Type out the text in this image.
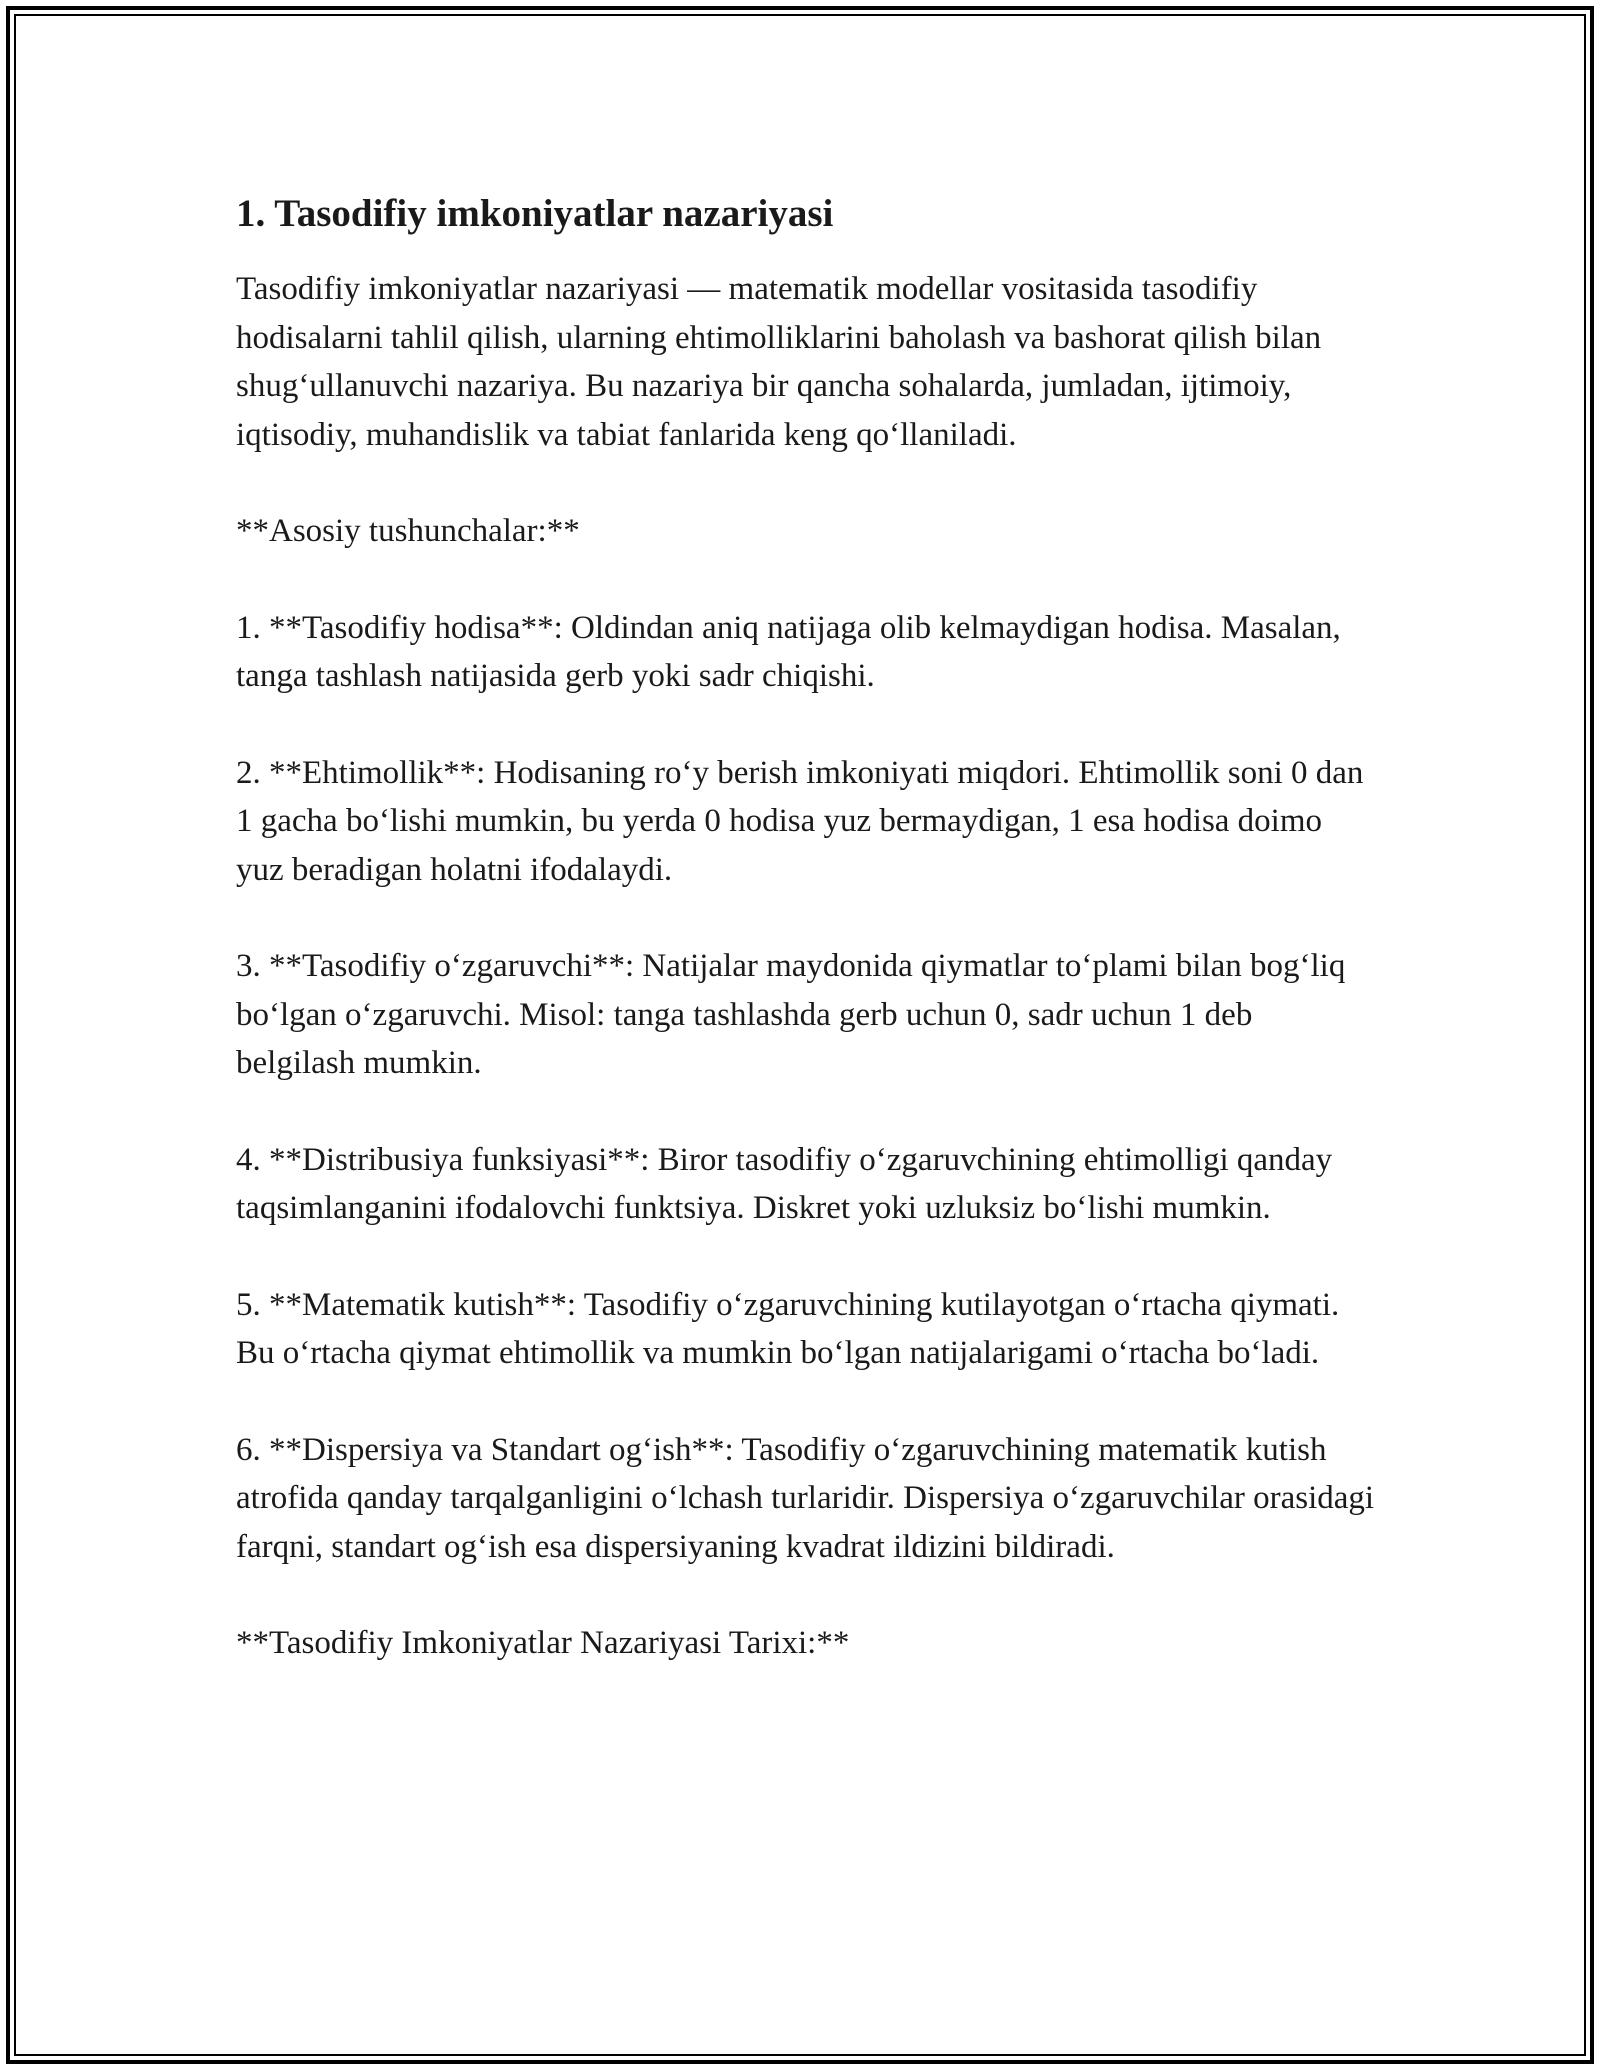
1. Tasodifiy imkoniyatlar nazariyasi

Tasodifiy imkoniyatlar nazariyasi — matematik modellar vositasida tasodifiy hodisalarni tahlil qilish, ularning ehtimolliklarini baholash va bashorat qilish bilan shug‘ullanuvchi nazariya. Bu nazariya bir qancha sohalarda, jumladan, ijtimoiy, iqtisodiy, muhandislik va tabiat fanlarida keng qo‘llaniladi.

**Asosiy tushunchalar:**

1. **Tasodifiy hodisa**: Oldindan aniq natijaga olib kelmaydigan hodisa. Masalan, tanga tashlash natijasida gerb yoki sadr chiqishi.

2. **Ehtimollik**: Hodisaning ro‘y berish imkoniyati miqdori. Ehtimollik soni 0 dan 1 gacha bo‘lishi mumkin, bu yerda 0 hodisa yuz bermaydigan, 1 esa hodisa doimo yuz beradigan holatni ifodalaydi.

3. **Tasodifiy o‘zgaruvchi**: Natijalar maydonida qiymatlar to‘plami bilan bog‘liq bo‘lgan o‘zgaruvchi. Misol: tanga tashlashda gerb uchun 0, sadr uchun 1 deb belgilash mumkin.

4. **Distribusiya funksiyasi**: Biror tasodifiy o‘zgaruvchining ehtimolligi qanday taqsimlanganini ifodalovchi funktsiya. Diskret yoki uzluksiz bo‘lishi mumkin.

5. **Matematik kutish**: Tasodifiy o‘zgaruvchining kutilayotgan o‘rtacha qiymati. Bu o‘rtacha qiymat ehtimollik va mumkin bo‘lgan natijalarigami o‘rtacha bo‘ladi.

6. **Dispersiya va Standart og‘ish**: Tasodifiy o‘zgaruvchining matematik kutish atrofida qanday tarqalganligini o‘lchash turlaridir. Dispersiya o‘zgaruvchilar orasidagi farqni, standart og‘ish esa dispersiyaning kvadrat ildizini bildiradi.

**Tasodifiy Imkoniyatlar Nazariyasi Tarixi:**
